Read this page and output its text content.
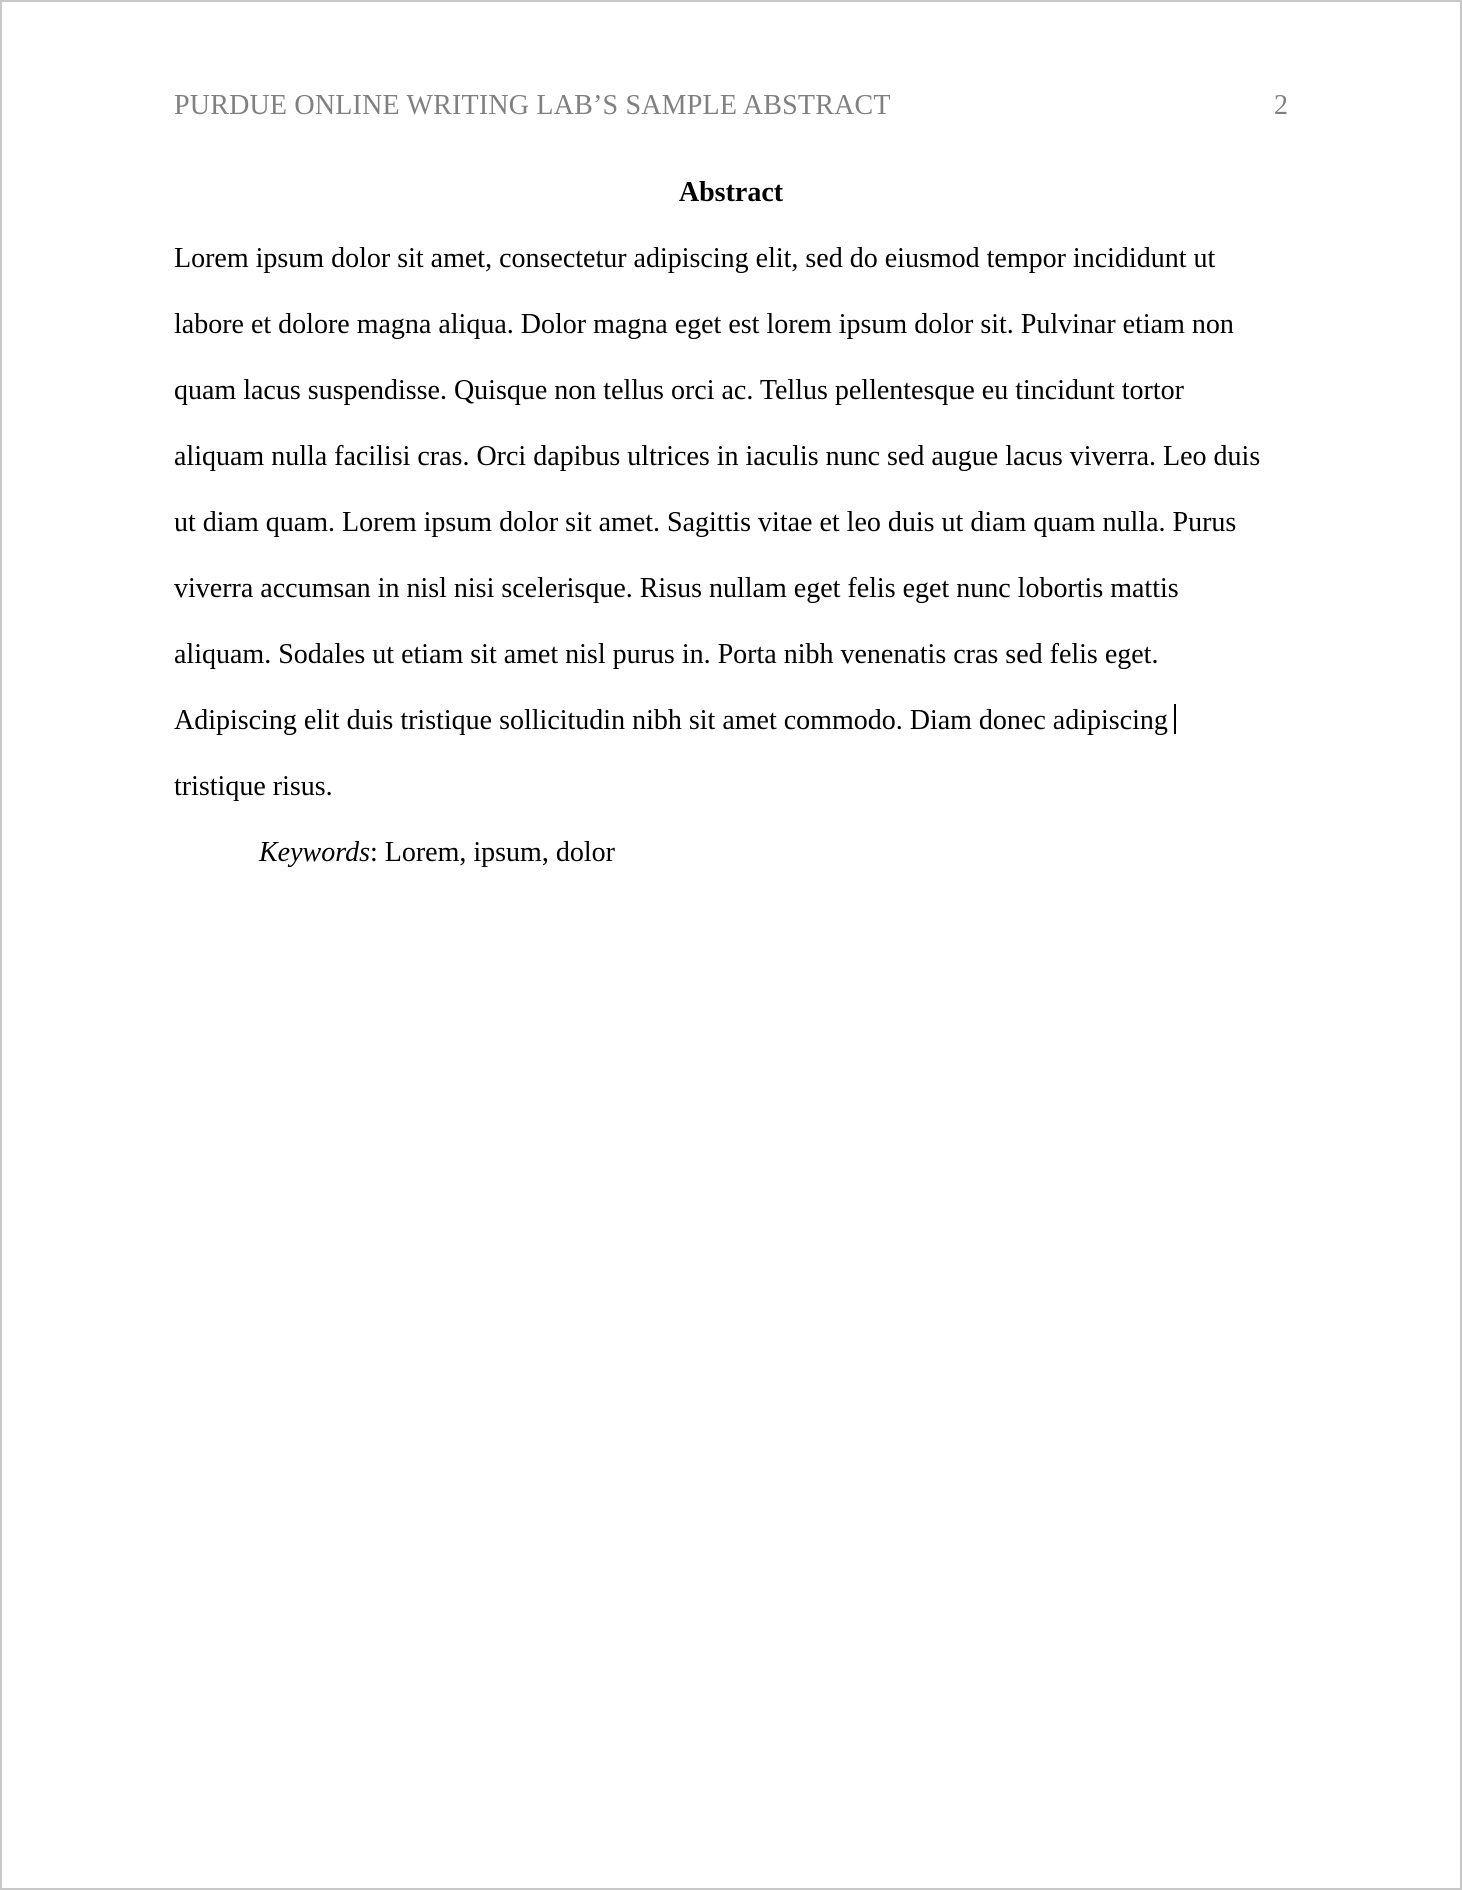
PURDUE ONLINE WRITING LAB’S SAMPLE ABSTRACT	2
Abstract
Lorem ipsum dolor sit amet, consectetur adipiscing elit, sed do eiusmod tempor incididunt ut
labore et dolore magna aliqua. Dolor magna eget est lorem ipsum dolor sit. Pulvinar etiam non
quam lacus suspendisse. Quisque non tellus orci ac. Tellus pellentesque eu tincidunt tortor
aliquam nulla facilisi cras. Orci dapibus ultrices in iaculis nunc sed augue lacus viverra. Leo duis
ut diam quam. Lorem ipsum dolor sit amet. Sagittis vitae et leo duis ut diam quam nulla. Purus
viverra accumsan in nisl nisi scelerisque. Risus nullam eget felis eget nunc lobortis mattis
aliquam. Sodales ut etiam sit amet nisl purus in. Porta nibh venenatis cras sed felis eget.
Adipiscing elit duis tristique sollicitudin nibh sit amet commodo. Diam donec adipiscing
tristique risus.
Keywords: Lorem, ipsum, dolor
